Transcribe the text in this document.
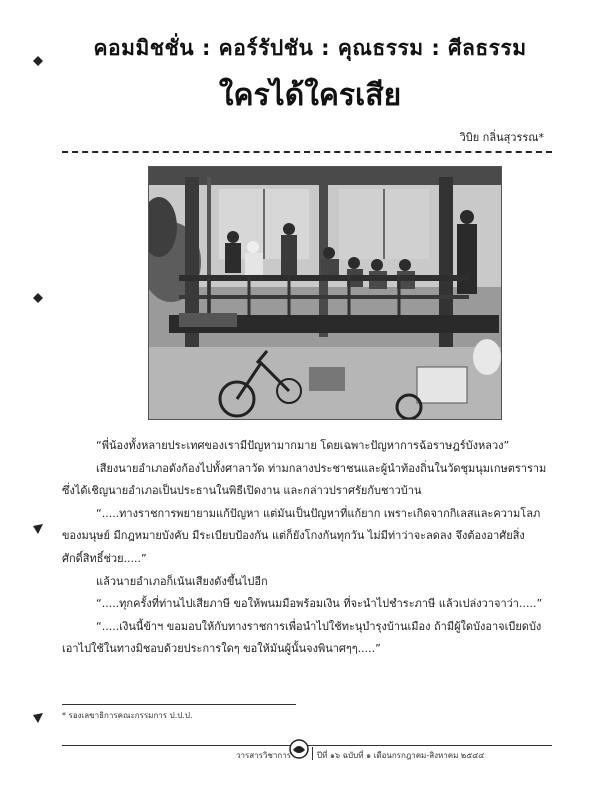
คอมมิชชั่น : คอร์รัปชัน : คุณธรรม : ศีลธรรม
ใครได้ใครเสีย
วิบิย กลิ่นสุวรรณ*

“พี่น้องทั้งหลายประเทศของเรามีปัญหามากมาย โดยเฉพาะปัญหาการฉ้อราษฎร์บังหลวง”

เสียงนายอำเภอดังก้องไปทั้งศาลาวัด ท่ามกลางประชาชนและผู้นำท้องถิ่นในวัดชุมนุมเกษตราราม ซึ่งได้เชิญนายอำเภอเป็นประธานในพิธีเปิดงาน และกล่าวปราศรัยกับชาวบ้าน

“.....ทางราชการพยายามแก้ปัญหา แต่มันเป็นปัญหาที่แก้ยาก เพราะเกิดจากกิเลสและความโลภของมนุษย์ มีกฎหมายบังคับ มีระเบียบป้องกัน แต่ก็ยังโกงกันทุกวัน ไม่มีท่าว่าจะลดลง จึงต้องอาศัยสิ่งศักดิ์สิทธิ์ช่วย.....”

แล้วนายอำเภอก็เน้นเสียงดังขึ้นไปอีก

“.....ทุกครั้งที่ท่านไปเสียภาษี ขอให้พนมมือพร้อมเงิน ที่จะนำไปชำระภาษี แล้วเปล่งวาจาว่า.....”

“.....เงินนี้ข้าฯ ขอมอบให้กับทางราชการเพื่อนำไปใช้ทะนุบำรุงบ้านเมือง ถ้ามีผู้ใดบังอาจเบียดบังเอาไปใช้ในทางมิชอบด้วยประการใดๆ ขอให้มันผู้นั้นจงพินาศๆๆ.....”

* รองเลขาธิการคณะกรรมการ ป.ป.ป.
วารสารวิชาการ	ปีที่ ๑๖ ฉบับที่ ๑ เดือนกรกฎาคม-สิงหาคม ๒๕๔๔
